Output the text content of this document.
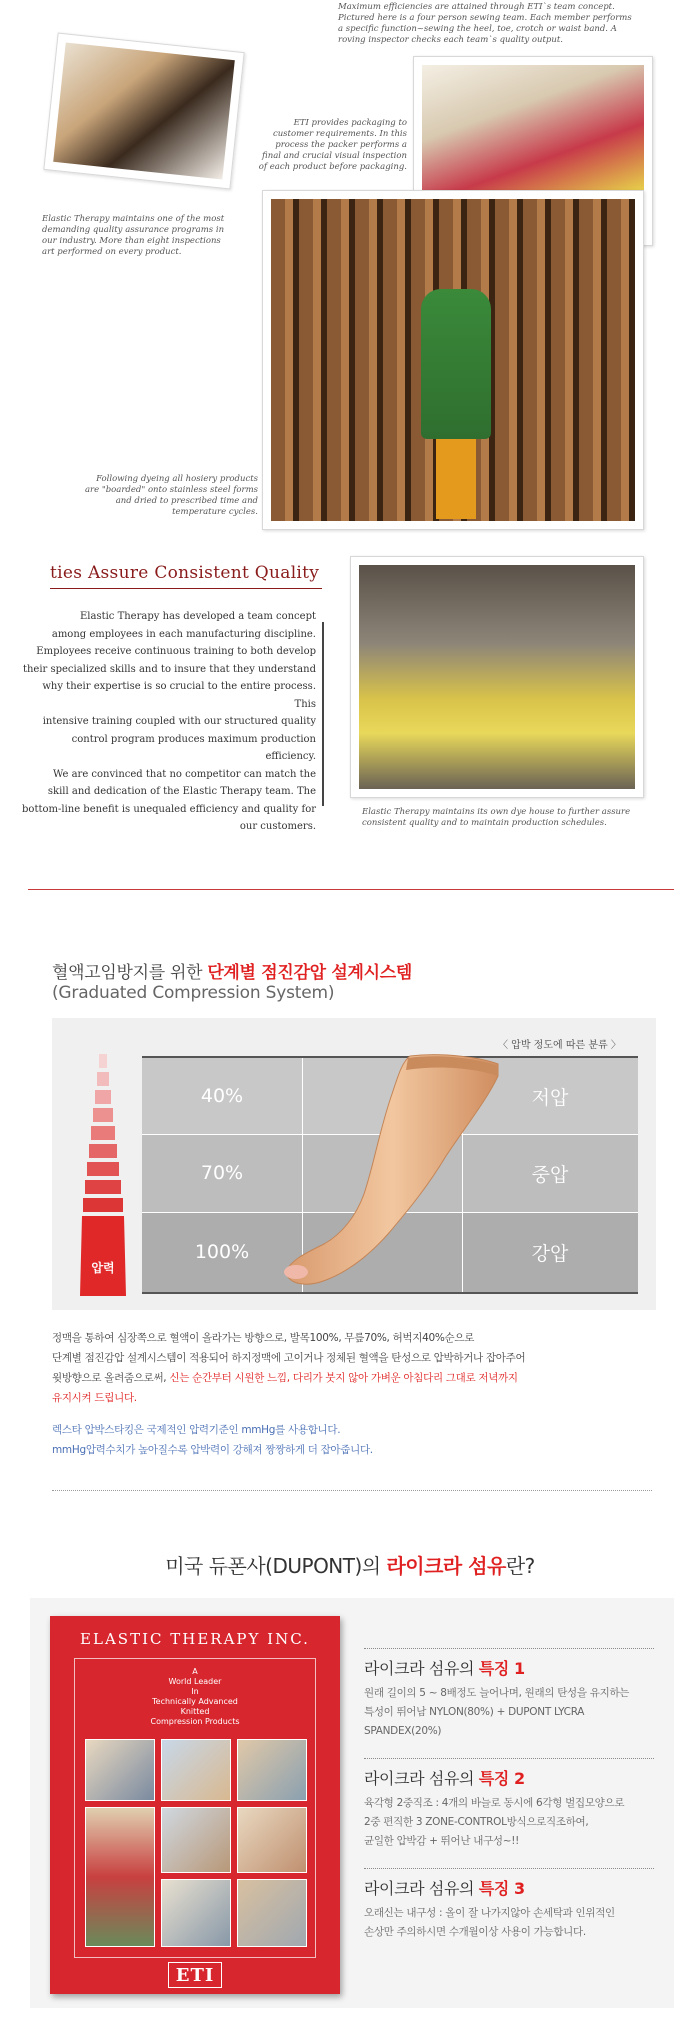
Maximum efficiencies are attained through ETI`s team concept. Pictured here is a four person sewing team. Each member performs a specific function~sewing the heel, toe, crotch or waist band. A roving inspector checks each team`s quality output.
Elastic Therapy maintains one of the most demanding quality assurance programs in our industry. More than eight inspections art performed on every product.
ETI provides packaging to customer requirements. In this process the packer performs a final and crucial visual inspection of each product before packaging.
Following dyeing all hosiery products are "boarded" onto stainless steel forms and dried to prescribed time and temperature cycles.
ties Assure Consistent Quality
Elastic Therapy has developed a team concept
among employees in each manufacturing discipline.
Employees receive continuous training to both develop
their specialized skills and to insure that they understand
why their expertise is so crucial to the entire process. This
intensive training coupled with our structured quality
control program produces maximum production efficiency.
We are convinced that no competitor can match the
skill and dedication of the Elastic Therapy team. The
bottom-line benefit is unequaled efficiency and quality for
our customers.
Elastic Therapy maintains its own dye house to further assure consistent quality and to maintain production schedules.
혈액고임방지를 위한 단계별 점진감압 설계시스템
(Graduated Compression System)
압력
〈 압박 정도에 따른 분류 〉
40%	저압
70%	중압
100%	강압
정맥을 통하여 심장쪽으로 혈액이 올라가는 방향으로, 발목100%, 무릎70%, 허벅지40%순으로
단계별 점진감압 설계시스템이 적용되어 하지정맥에 고이거나 정체된 혈액을 탄성으로 압박하거나 잡아주어
윗방향으로 올려줌으로써, 신는 순간부터 시원한 느낌, 다리가 붓지 않아 가벼운 아침다리 그대로 저녁까지
유지시켜 드립니다.
렉스타 압박스타킹은 국제적인 압력기준인 mmHg를 사용합니다.
mmHg압력수치가 높아질수록 압박력이 강해져 짱짱하게 더 잡아줍니다.
미국 듀폰사(DUPONT)의 라이크라 섬유란?
ELASTIC THERAPY INC.
A
World Leader
In
Technically Advanced
Knitted
Compression Products
ETI
라이크라 섬유의 특징 1
원래 길이의 5 ~ 8배정도 늘어나며, 원래의 탄성을 유지하는
특성이 뛰어남 NYLON(80%) + DUPONT LYCRA
SPANDEX(20%)
라이크라 섬유의 특징 2
육각형 2중직조 : 4개의 바늘로 동시에 6각형 벌집모양으로
2중 편직한 3 ZONE-CONTROL방식으로직조하여,
균일한 압박감 + 뛰어난 내구성~!!
라이크라 섬유의 특징 3
오래신는 내구성 : 올이 잘 나가지않아 손세탁과 인위적인
손상만 주의하시면 수개월이상 사용이 가능합니다.
